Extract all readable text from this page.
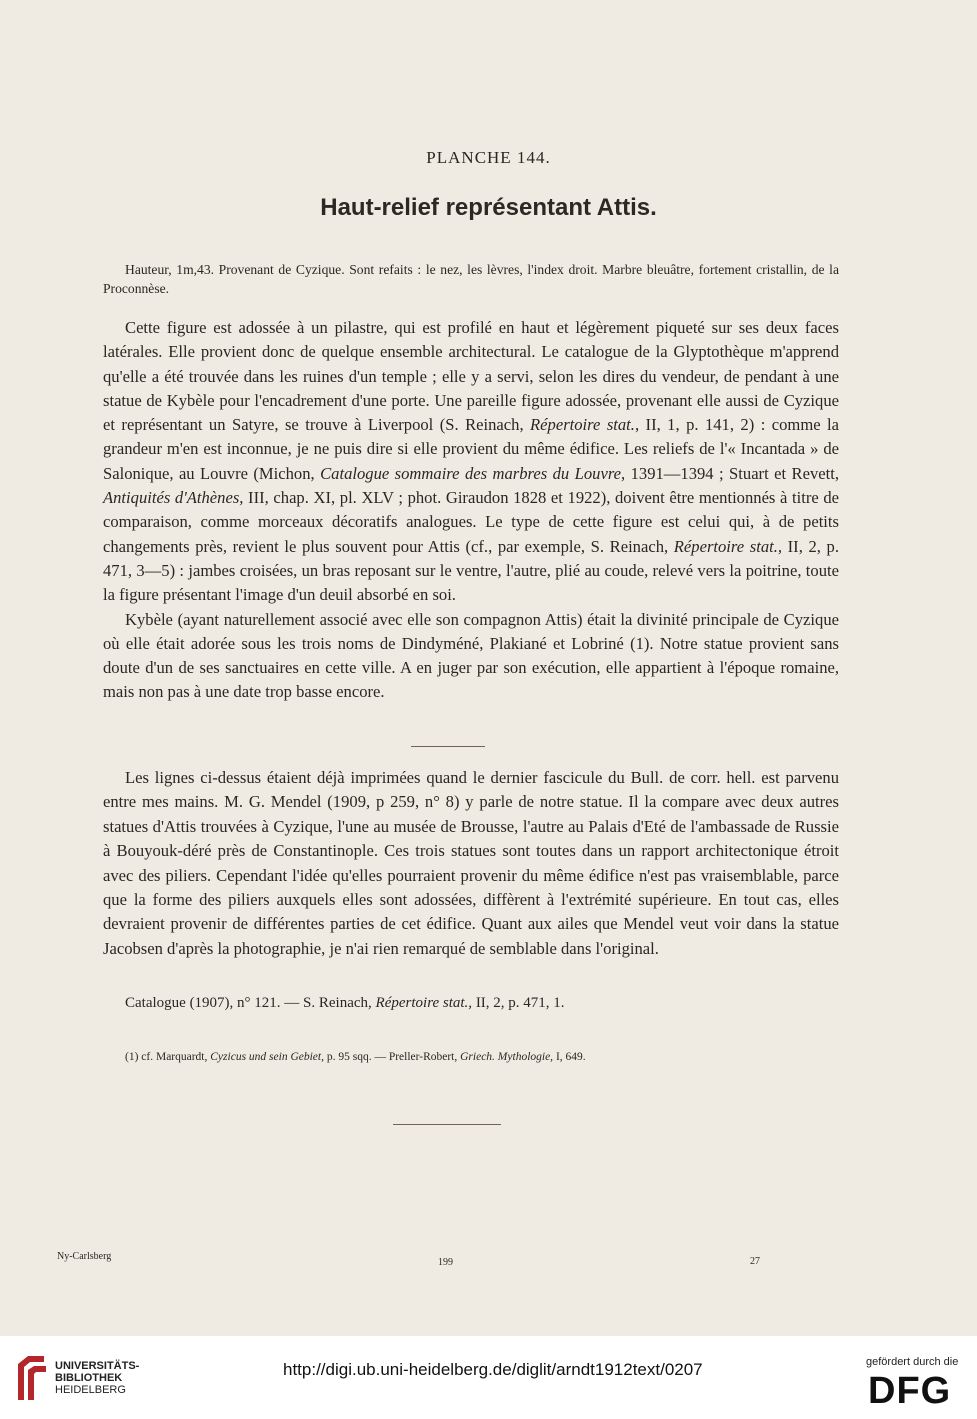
PLANCHE 144.
Haut-relief représentant Attis.
Hauteur, 1m,43. Provenant de Cyzique. Sont refaits : le nez, les lèvres, l'index droit. Marbre bleuâtre, fortement cristallin, de la Proconnèse.

Cette figure est adossée à un pilastre, qui est profilé en haut et légèrement piqueté sur ses deux faces latérales. Elle provient donc de quelque ensemble architectural. Le catalogue de la Glyptothèque m'apprend qu'elle a été trouvée dans les ruines d'un temple ; elle y a servi, selon les dires du vendeur, de pendant à une statue de Kybèle pour l'encadrement d'une porte. Une pareille figure adossée, provenant elle aussi de Cyzique et représentant un Satyre, se trouve à Liverpool (S. Reinach, Répertoire stat., II, 1, p. 141, 2) : comme la grandeur m'en est inconnue, je ne puis dire si elle provient du même édifice. Les reliefs de l'« Incantada » de Salonique, au Louvre (Michon, Catalogue sommaire des marbres du Louvre, 1391—1394 ; Stuart et Revett, Antiquités d'Athènes, III, chap. XI, pl. XLV ; phot. Giraudon 1828 et 1922), doivent être mentionnés à titre de comparaison, comme morceaux décoratifs analogues. Le type de cette figure est celui qui, à de petits changements près, revient le plus souvent pour Attis (cf., par exemple, S. Reinach, Répertoire stat., II, 2, p. 471, 3—5) : jambes croisées, un bras reposant sur le ventre, l'autre, plié au coude, relevé vers la poitrine, toute la figure présentant l'image d'un deuil absorbé en soi.

Kybèle (ayant naturellement associé avec elle son compagnon Attis) était la divinité principale de Cyzique où elle était adorée sous les trois noms de Dindyméné, Plakiané et Lobriné (1). Notre statue provient sans doute d'un de ses sanctuaires en cette ville. A en juger par son exécution, elle appartient à l'époque romaine, mais non pas à une date trop basse encore.

Les lignes ci-dessus étaient déjà imprimées quand le dernier fascicule du Bull. de corr. hell. est parvenu entre mes mains. M. G. Mendel (1909, p 259, n° 8) y parle de notre statue. Il la compare avec deux autres statues d'Attis trouvées à Cyzique, l'une au musée de Brousse, l'autre au Palais d'Eté de l'ambassade de Russie à Bouyouk-déré près de Constantinople. Ces trois statues sont toutes dans un rapport architectonique étroit avec des piliers. Cependant l'idée qu'elles pourraient provenir du même édifice n'est pas vraisemblable, parce que la forme des piliers auxquels elles sont adossées, diffèrent à l'extrémité supérieure. En tout cas, elles devraient provenir de différentes parties de cet édifice. Quant aux ailes que Mendel veut voir dans la statue Jacobsen d'après la photographie, je n'ai rien remarqué de semblable dans l'original.

Catalogue (1907), n° 121. — S. Reinach, Répertoire stat., II, 2, p. 471, 1.
(1) cf. Marquardt, Cyzicus und sein Gebiet, p. 95 sqq. — Preller-Robert, Griech. Mythologie, I, 649.
Ny-Carlsberg
199	27
UNIVERSITÄTS-
BIBLIOTHEK
HEIDELBERG
http://digi.ub.uni-heidelberg.de/diglit/arndt1912text/0207	gefördert durch die
DFG
